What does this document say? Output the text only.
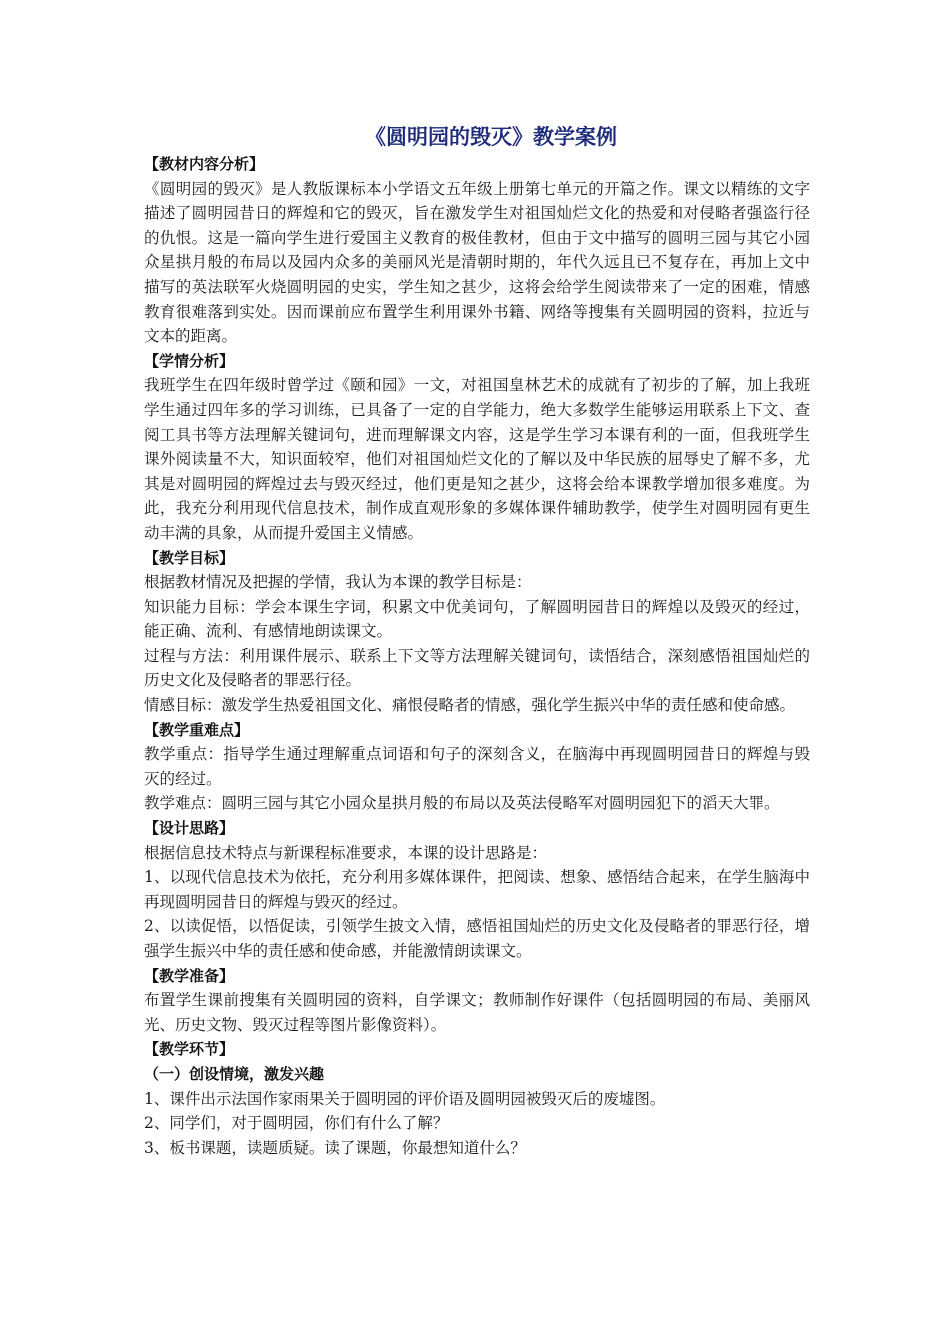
《圆明园的毁灭》教学案例

【教材内容分析】

《圆明园的毁灭》是人教版课标本小学语文五年级上册第七单元的开篇之作。课文以精练的文字描述了圆明园昔日的辉煌和它的毁灭，旨在激发学生对祖国灿烂文化的热爱和对侵略者强盗行径的仇恨。这是一篇向学生进行爱国主义教育的极佳教材，但由于文中描写的圆明三园与其它小园众星拱月般的布局以及园内众多的美丽风光是清朝时期的，年代久远且已不复存在，再加上文中描写的英法联军火烧圆明园的史实，学生知之甚少，这将会给学生阅读带来了一定的困难，情感教育很难落到实处。因而课前应布置学生利用课外书籍、网络等搜集有关圆明园的资料，拉近与文本的距离。

【学情分析】

我班学生在四年级时曾学过《颐和园》一文，对祖国皇林艺术的成就有了初步的了解，加上我班学生通过四年多的学习训练，已具备了一定的自学能力，绝大多数学生能够运用联系上下文、查阅工具书等方法理解关键词句，进而理解课文内容，这是学生学习本课有利的一面，但我班学生课外阅读量不大，知识面较窄，他们对祖国灿烂文化的了解以及中华民族的屈辱史了解不多，尤其是对圆明园的辉煌过去与毁灭经过，他们更是知之甚少，这将会给本课教学增加很多难度。为此，我充分利用现代信息技术，制作成直观形象的多媒体课件辅助教学，使学生对圆明园有更生动丰满的具象，从而提升爱国主义情感。

【教学目标】

根据教材情况及把握的学情，我认为本课的教学目标是：

知识能力目标：学会本课生字词，积累文中优美词句，了解圆明园昔日的辉煌以及毁灭的经过，能正确、流利、有感情地朗读课文。

过程与方法：利用课件展示、联系上下文等方法理解关键词句，读悟结合，深刻感悟祖国灿烂的历史文化及侵略者的罪恶行径。

情感目标：激发学生热爱祖国文化、痛恨侵略者的情感，强化学生振兴中华的责任感和使命感。

【教学重难点】

教学重点：指导学生通过理解重点词语和句子的深刻含义，在脑海中再现圆明园昔日的辉煌与毁灭的经过。

教学难点：圆明三园与其它小园众星拱月般的布局以及英法侵略军对圆明园犯下的滔天大罪。

【设计思路】

根据信息技术特点与新课程标准要求，本课的设计思路是：

1、以现代信息技术为依托，充分利用多媒体课件，把阅读、想象、感悟结合起来，在学生脑海中再现圆明园昔日的辉煌与毁灭的经过。

2、以读促悟，以悟促读，引领学生披文入情，感悟祖国灿烂的历史文化及侵略者的罪恶行径，增强学生振兴中华的责任感和使命感，并能激情朗读课文。

【教学准备】

布置学生课前搜集有关圆明园的资料，自学课文；教师制作好课件（包括圆明园的布局、美丽风光、历史文物、毁灭过程等图片影像资料）。

【教学环节】

（一）创设情境，激发兴趣

1、课件出示法国作家雨果关于圆明园的评价语及圆明园被毁灭后的废墟图。

2、同学们，对于圆明园，你们有什么了解？

3、板书课题，读题质疑。读了课题，你最想知道什么？
